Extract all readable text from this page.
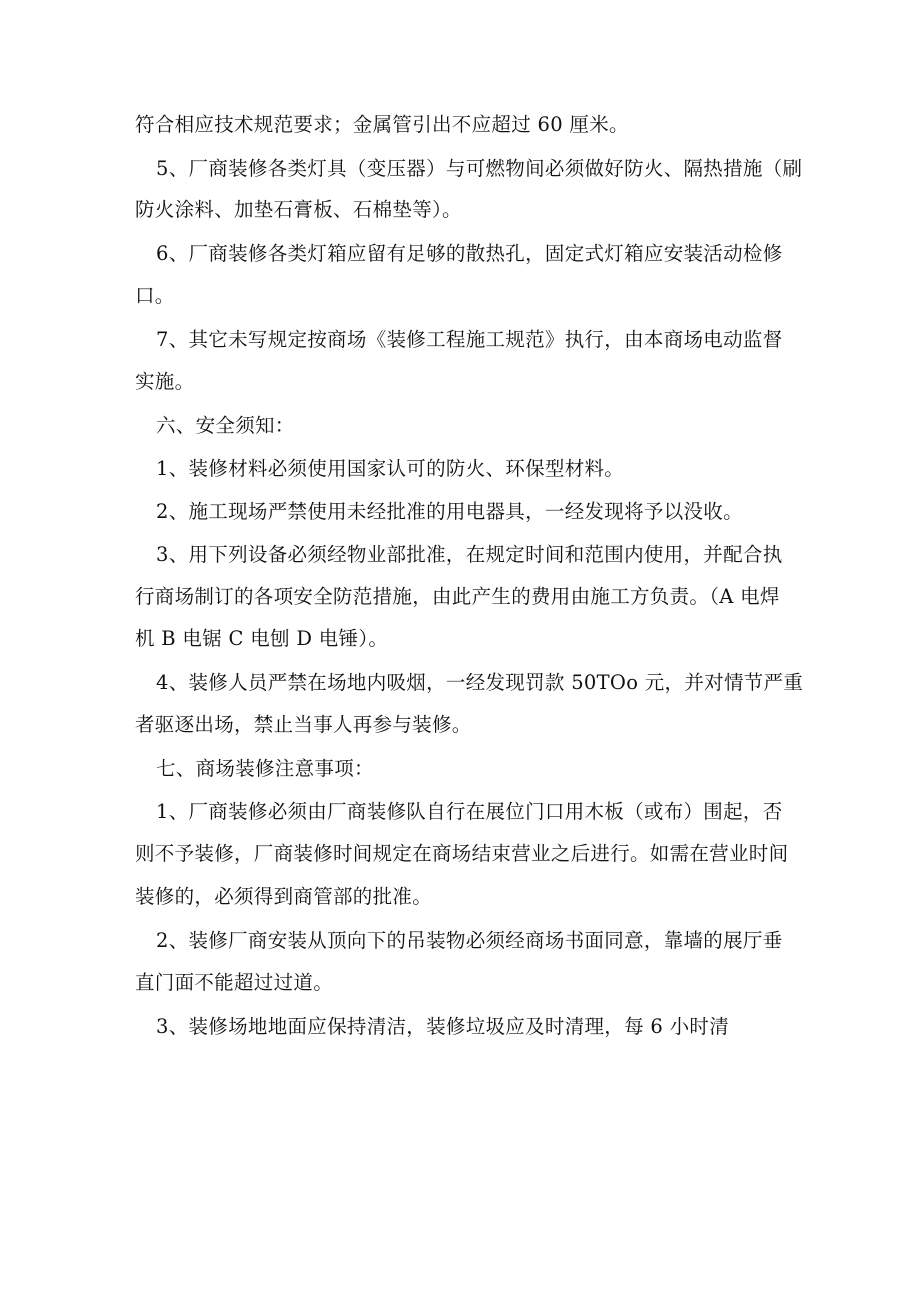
符合相应技术规范要求；金属管引出不应超过 60 厘米。
5、厂商装修各类灯具（变压器）与可燃物间必须做好防火、隔热措施（刷
防火涂料、加垫石膏板、石棉垫等）。
6、厂商装修各类灯箱应留有足够的散热孔，固定式灯箱应安装活动检修
口。
7、其它未写规定按商场《装修工程施工规范》执行，由本商场电动监督
实施。
六、安全须知：
1、装修材料必须使用国家认可的防火、环保型材料。
2、施工现场严禁使用未经批准的用电器具，一经发现将予以没收。
3、用下列设备必须经物业部批准，在规定时间和范围内使用，并配合执
行商场制订的各项安全防范措施，由此产生的费用由施工方负责。（A 电焊
机 B 电锯 C 电刨 D 电锤）。
4、装修人员严禁在场地内吸烟，一经发现罚款 50TOo 元，并对情节严重
者驱逐出场，禁止当事人再参与装修。
七、商场装修注意事项：
1、厂商装修必须由厂商装修队自行在展位门口用木板（或布）围起，否
则不予装修，厂商装修时间规定在商场结束营业之后进行。如需在营业时间
装修的，必须得到商管部的批准。
2、装修厂商安装从顶向下的吊装物必须经商场书面同意，靠墙的展厅垂
直门面不能超过过道。
3、装修场地地面应保持清洁，装修垃圾应及时清理，每 6 小时清
